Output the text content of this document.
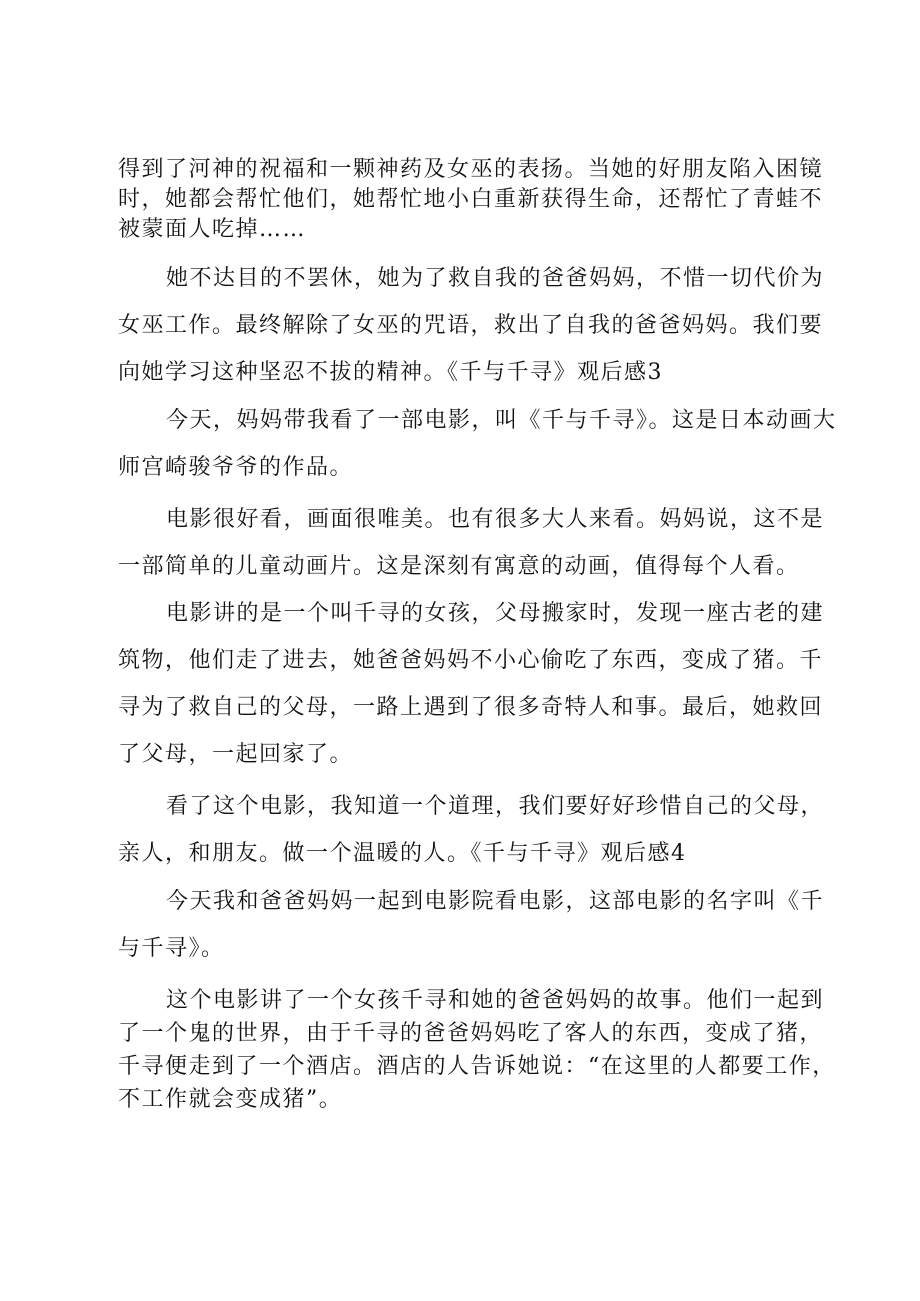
得到了河神的祝福和一颗神药及女巫的表扬。当她的好朋友陷入困镜时，她都会帮忙他们，她帮忙地小白重新获得生命，还帮忙了青蛙不被蒙面人吃掉……

她不达目的不罢休，她为了救自我的爸爸妈妈，不惜一切代价为女巫工作。最终解除了女巫的咒语，救出了自我的爸爸妈妈。我们要向她学习这种坚忍不拔的精神。《千与千寻》观后感3

今天，妈妈带我看了一部电影，叫《千与千寻》。这是日本动画大师宫崎骏爷爷的作品。

电影很好看，画面很唯美。也有很多大人来看。妈妈说，这不是一部简单的儿童动画片。这是深刻有寓意的动画，值得每个人看。

电影讲的是一个叫千寻的女孩，父母搬家时，发现一座古老的建筑物，他们走了进去，她爸爸妈妈不小心偷吃了东西，变成了猪。千寻为了救自己的父母，一路上遇到了很多奇特人和事。最后，她救回了父母，一起回家了。

看了这个电影，我知道一个道理，我们要好好珍惜自己的父母，亲人，和朋友。做一个温暖的人。《千与千寻》观后感4

今天我和爸爸妈妈一起到电影院看电影，这部电影的名字叫《千与千寻》。

这个电影讲了一个女孩千寻和她的爸爸妈妈的故事。他们一起到了一个鬼的世界，由于千寻的爸爸妈妈吃了客人的东西，变成了猪，千寻便走到了一个酒店。酒店的人告诉她说：“在这里的人都要工作，不工作就会变成猪”。
